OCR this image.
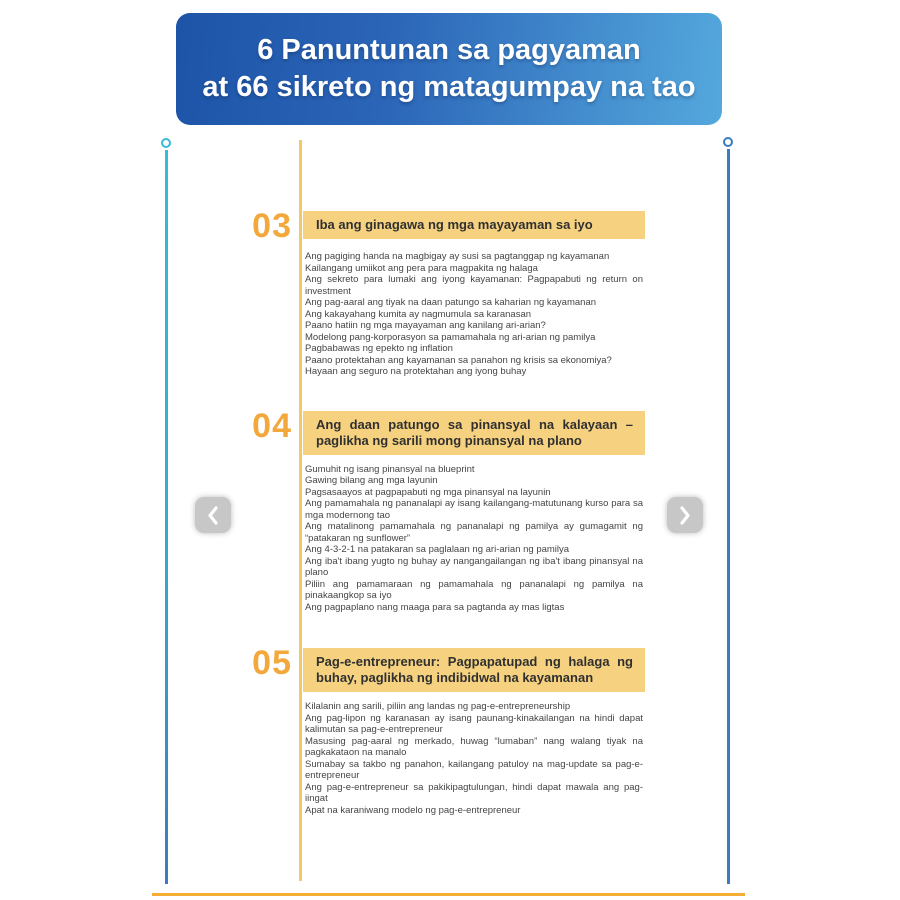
6 Panuntunan sa pagyaman
at 66 sikreto ng matagumpay na tao
03	Iba ang ginagawa ng mga mayayaman sa iyo
Ang pagiging handa na magbigay ay susi sa pagtanggap ng kayamanan
Kailangang umiikot ang pera para magpakita ng halaga
Ang sekreto para lumaki ang iyong kayamanan: Pagpapabuti ng return on investment
Ang pag-aaral ang tiyak na daan patungo sa kaharian ng kayamanan
Ang kakayahang kumita ay nagmumula sa karanasan
Paano hatiin ng mga mayayaman ang kanilang ari-arian?
Modelong pang-korporasyon sa pamamahala ng ari-arian ng pamilya
Pagbabawas ng epekto ng inflation
Paano protektahan ang kayamanan sa panahon ng krisis sa ekonomiya?
Hayaan ang seguro na protektahan ang iyong buhay
04	Ang daan patungo sa pinansyal na kalayaan – paglikha ng sarili mong pinansyal na plano
Gumuhit ng isang pinansyal na blueprint
Gawing bilang ang mga layunin
Pagsasaayos at pagpapabuti ng mga pinansyal na layunin
Ang pamamahala ng pananalapi ay isang kailangang-matutunang kurso para sa mga modernong tao
Ang matalinong pamamahala ng pananalapi ng pamilya ay gumagamit ng “patakaran ng sunflower”
Ang 4-3-2-1 na patakaran sa paglalaan ng ari-arian ng pamilya
Ang iba't ibang yugto ng buhay ay nangangailangan ng iba't ibang pinansyal na plano
Piliin ang pamamaraan ng pamamahala ng pananalapi ng pamilya na pinakaangkop sa iyo
Ang pagpaplano nang maaga para sa pagtanda ay mas ligtas
05	Pag-e-entrepreneur: Pagpapatupad ng halaga ng buhay, paglikha ng indibidwal na kayamanan
Kilalanin ang sarili, piliin ang landas ng pag-e-entrepreneurship
Ang pag-lipon ng karanasan ay isang paunang-kinakailangan na hindi dapat kalimutan sa pag-e-entrepreneur
Masusing pag-aaral ng merkado, huwag “lumaban” nang walang tiyak na pagkakataon na manalo
Sumabay sa takbo ng panahon, kailangang patuloy na mag-update sa pag-e-entrepreneur
Ang pag-e-entrepreneur sa pakikipagtulungan, hindi dapat mawala ang pag-iingat
Apat na karaniwang modelo ng pag-e-entrepreneur
